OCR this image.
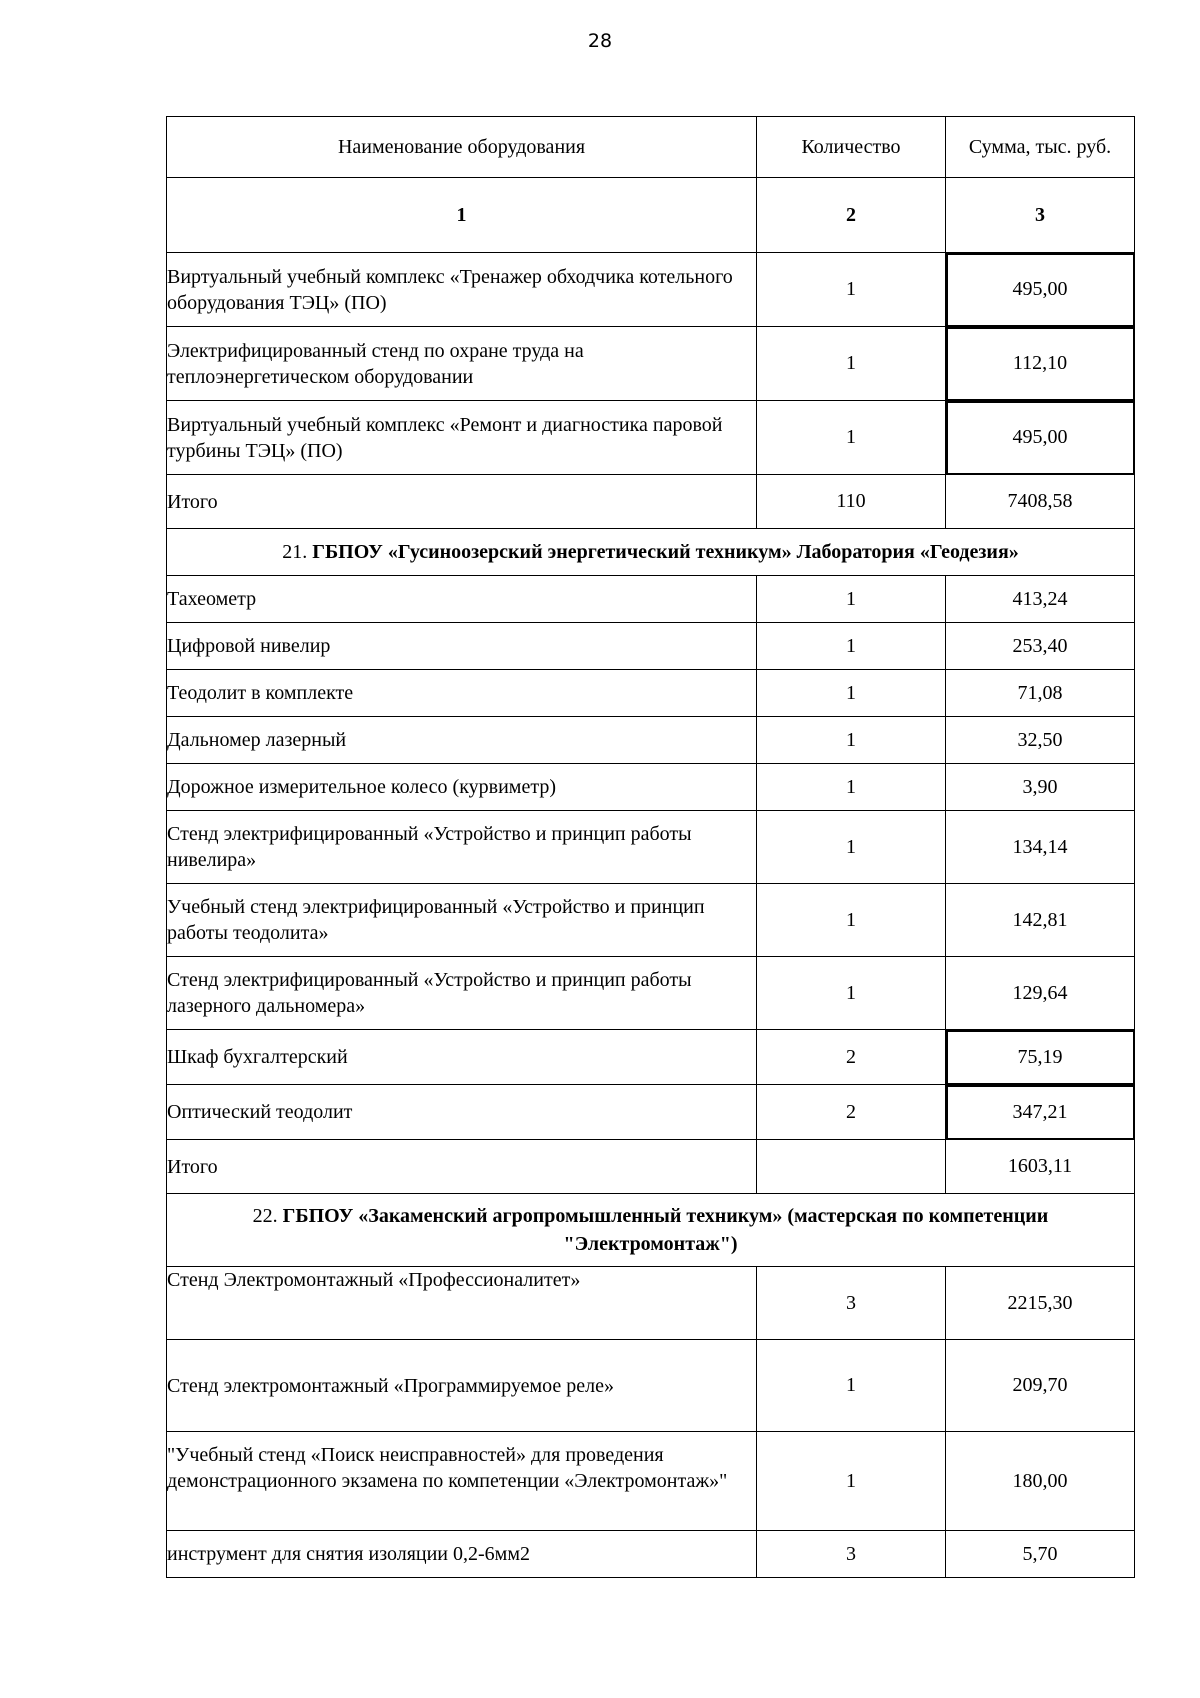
28
Наименование оборудования	Количество	Сумма, тыс. руб.
1	2	3
Виртуальный учебный комплекс «Тренажер обходчика котельного оборудования ТЭЦ» (ПО)	1	495,00
Электрифицированный стенд по охране труда на теплоэнергетическом оборудовании	1	112,10
Виртуальный учебный комплекс «Ремонт и диагностика паровой турбины ТЭЦ» (ПО)	1	495,00
Итого	110	7408,58
21. ГБПОУ «Гусиноозерский энергетический техникум» Лаборатория «Геодезия»		
Тахеометр	1	413,24
Цифровой нивелир	1	253,40
Теодолит в комплекте	1	71,08
Дальномер лазерный	1	32,50
Дорожное измерительное колесо (курвиметр)	1	3,90
Стенд электрифицированный «Устройство и принцип работы нивелира»	1	134,14
Учебный стенд электрифицированный «Устройство и принцип работы теодолита»	1	142,81
Стенд электрифицированный «Устройство и принцип работы лазерного дальномера»	1	129,64
Шкаф бухгалтерский	2	75,19
Оптический теодолит	2	347,21
Итого		1603,11
22. ГБПОУ «Закаменский агропромышленный техникум» (мастерская по компетенции "Электромонтаж")		
Стенд Электромонтажный «Профессионалитет»	3	2215,30
Стенд электромонтажный «Программируемое реле»	1	209,70
"Учебный стенд «Поиск неисправностей» для проведения демонстрационного экзамена по компетенции «Электромонтаж»"	1	180,00
инструмент для снятия изоляции 0,2-6мм2	3	5,70
